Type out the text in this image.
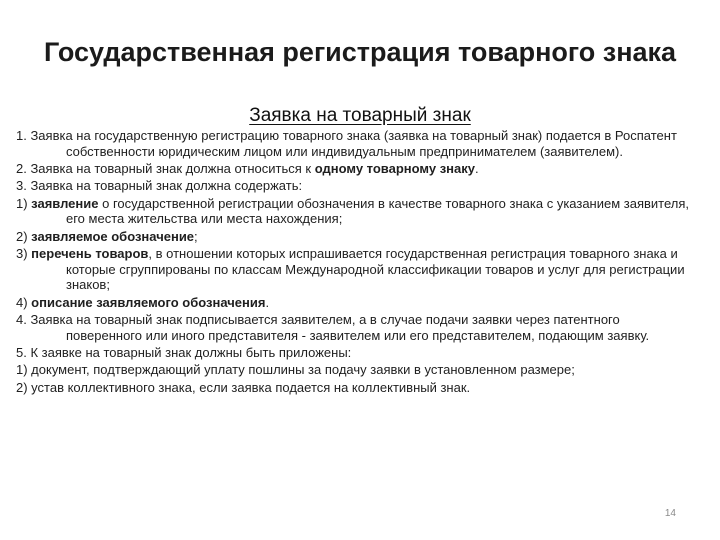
Государственная регистрация товарного знака
Заявка на товарный знак

1. Заявка на государственную регистрацию товарного знака (заявка на товарный знак) подается в Роспатент собственности юридическим лицом или индивидуальным предпринимателем (заявителем).

2. Заявка на товарный знак должна относиться к одному товарному знаку.

3. Заявка на товарный знак должна содержать:

1) заявление о государственной регистрации обозначения в качестве товарного знака с указанием заявителя, его места жительства или места нахождения;

2) заявляемое обозначение;

3) перечень товаров, в отношении которых испрашивается государственная регистрация товарного знака и которые сгруппированы по классам Международной классификации товаров и услуг для регистрации знаков;

4) описание заявляемого обозначения.

4. Заявка на товарный знак подписывается заявителем, а в случае подачи заявки через патентного поверенного или иного представителя - заявителем или его представителем, подающим заявку.

5. К заявке на товарный знак должны быть приложены:

1) документ, подтверждающий уплату пошлины за подачу заявки в установленном размере;

2) устав коллективного знака, если заявка подается на коллективный знак.

14
